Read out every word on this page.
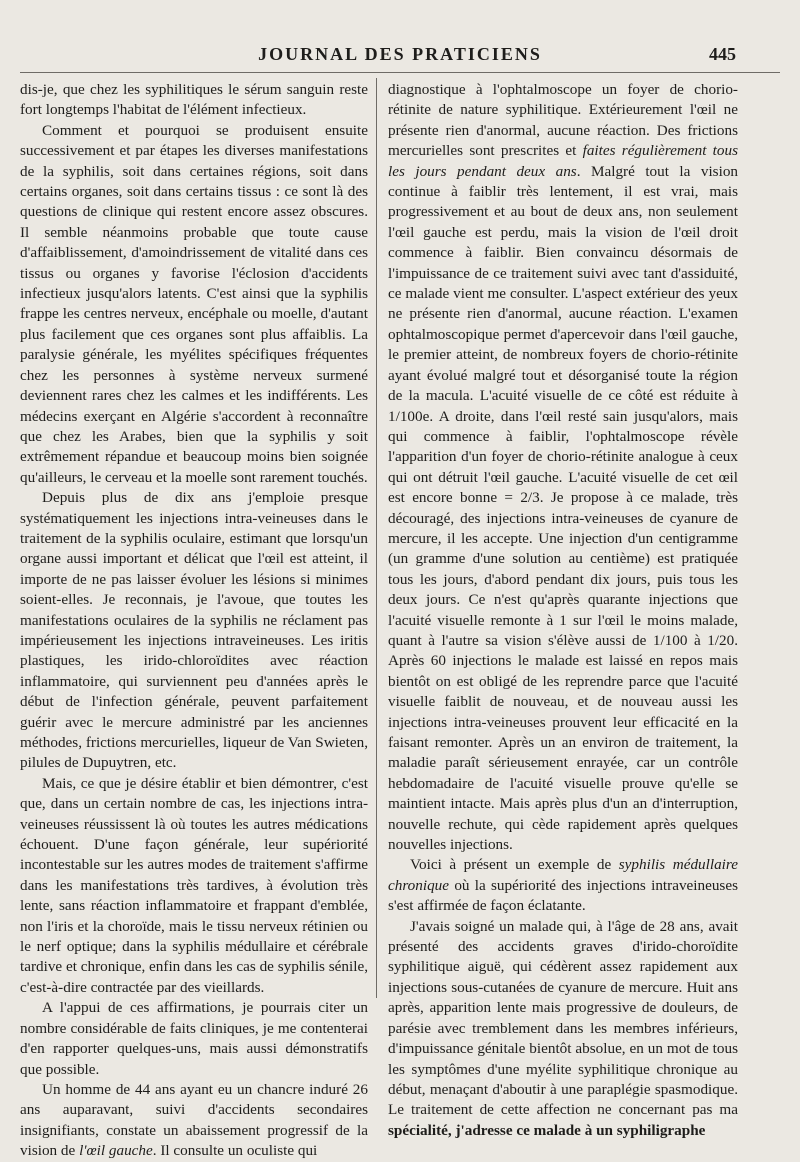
JOURNAL DES PRATICIENS	445

dis-je, que chez les syphilitiques le sérum sanguin reste fort longtemps l'habitat de l'élément infectieux.

Comment et pourquoi se produisent ensuite successivement et par étapes les diverses manifestations de la syphilis, soit dans certaines régions, soit dans certains organes, soit dans certains tissus : ce sont là des questions de clinique qui restent encore assez obscures. Il semble néanmoins probable que toute cause d'affaiblissement, d'amoindrissement de vitalité dans ces tissus ou organes y favorise l'éclosion d'accidents infectieux jusqu'alors latents. C'est ainsi que la syphilis frappe les centres nerveux, encéphale ou moelle, d'autant plus facilement que ces organes sont plus affaiblis. La paralysie générale, les myélites spécifiques fréquentes chez les personnes à système nerveux surmené deviennent rares chez les calmes et les indifférents. Les médecins exerçant en Algérie s'accordent à reconnaître que chez les Arabes, bien que la syphilis y soit extrêmement répandue et beaucoup moins bien soignée qu'ailleurs, le cerveau et la moelle sont rarement touchés.

Depuis plus de dix ans j'emploie presque systématiquement les injections intra-veineuses dans le traitement de la syphilis oculaire, estimant que lorsqu'un organe aussi important et délicat que l'œil est atteint, il importe de ne pas laisser évoluer les lésions si minimes soient-elles. Je reconnais, je l'avoue, que toutes les manifestations oculaires de la syphilis ne réclament pas impérieusement les injections intraveineuses. Les iritis plastiques, les irido-chloroïdites avec réaction inflammatoire, qui surviennent peu d'années après le début de l'infection générale, peuvent parfaitement guérir avec le mercure administré par les anciennes méthodes, frictions mercurielles, liqueur de Van Swieten, pilules de Dupuytren, etc.

Mais, ce que je désire établir et bien démontrer, c'est que, dans un certain nombre de cas, les injections intra-veineuses réussissent là où toutes les autres médications échouent. D'une façon générale, leur supériorité incontestable sur les autres modes de traitement s'affirme dans les manifestations très tardives, à évolution très lente, sans réaction inflammatoire et frappant d'emblée, non l'iris et la choroïde, mais le tissu nerveux rétinien ou le nerf optique; dans la syphilis médullaire et cérébrale tardive et chronique, enfin dans les cas de syphilis sénile, c'est-à-dire contractée par des vieillards.

A l'appui de ces affirmations, je pourrais citer un nombre considérable de faits cliniques, je me contenterai d'en rapporter quelques-uns, mais aussi démonstratifs que possible.

Un homme de 44 ans ayant eu un chancre induré 26 ans auparavant, suivi d'accidents secondaires insignifiants, constate un abaissement progressif de la vision de l'œil gauche. Il consulte un oculiste qui

diagnostique à l'ophtalmoscope un foyer de chorio-rétinite de nature syphilitique. Extérieurement l'œil ne présente rien d'anormal, aucune réaction. Des frictions mercurielles sont prescrites et faites régulièrement tous les jours pendant deux ans. Malgré tout la vision continue à faiblir très lentement, il est vrai, mais progressivement et au bout de deux ans, non seulement l'œil gauche est perdu, mais la vision de l'œil droit commence à faiblir. Bien convaincu désormais de l'impuissance de ce traitement suivi avec tant d'assiduité, ce malade vient me consulter. L'aspect extérieur des yeux ne présente rien d'anormal, aucune réaction. L'examen ophtalmoscopique permet d'apercevoir dans l'œil gauche, le premier atteint, de nombreux foyers de chorio-rétinite ayant évolué malgré tout et désorganisé toute la région de la macula. L'acuité visuelle de ce côté est réduite à 1/100e. A droite, dans l'œil resté sain jusqu'alors, mais qui commence à faiblir, l'ophtalmoscope révèle l'apparition d'un foyer de chorio-rétinite analogue à ceux qui ont détruit l'œil gauche. L'acuité visuelle de cet œil est encore bonne = 2/3. Je propose à ce malade, très découragé, des injections intra-veineuses de cyanure de mercure, il les accepte. Une injection d'un centigramme (un gramme d'une solution au centième) est pratiquée tous les jours, d'abord pendant dix jours, puis tous les deux jours. Ce n'est qu'après quarante injections que l'acuité visuelle remonte à 1 sur l'œil le moins malade, quant à l'autre sa vision s'élève aussi de 1/100 à 1/20. Après 60 injections le malade est laissé en repos mais bientôt on est obligé de les reprendre parce que l'acuité visuelle faiblit de nouveau, et de nouveau aussi les injections intra-veineuses prouvent leur efficacité en la faisant remonter. Après un an environ de traitement, la maladie paraît sérieusement enrayée, car un contrôle hebdomadaire de l'acuité visuelle prouve qu'elle se maintient intacte. Mais après plus d'un an d'interruption, nouvelle rechute, qui cède rapidement après quelques nouvelles injections.

Voici à présent un exemple de syphilis médullaire chronique où la supériorité des injections intraveineuses s'est affirmée de façon éclatante.

J'avais soigné un malade qui, à l'âge de 28 ans, avait présenté des accidents graves d'irido-choroïdite syphilitique aiguë, qui cédèrent assez rapidement aux injections sous-cutanées de cyanure de mercure. Huit ans après, apparition lente mais progressive de douleurs, de parésie avec tremblement dans les membres inférieurs, d'impuissance génitale bientôt absolue, en un mot de tous les symptômes d'une myélite syphilitique chronique au début, menaçant d'aboutir à une paraplégie spasmodique. Le traitement de cette affection ne concernant pas ma spécialité, j'adresse ce malade à un syphiligraphe
